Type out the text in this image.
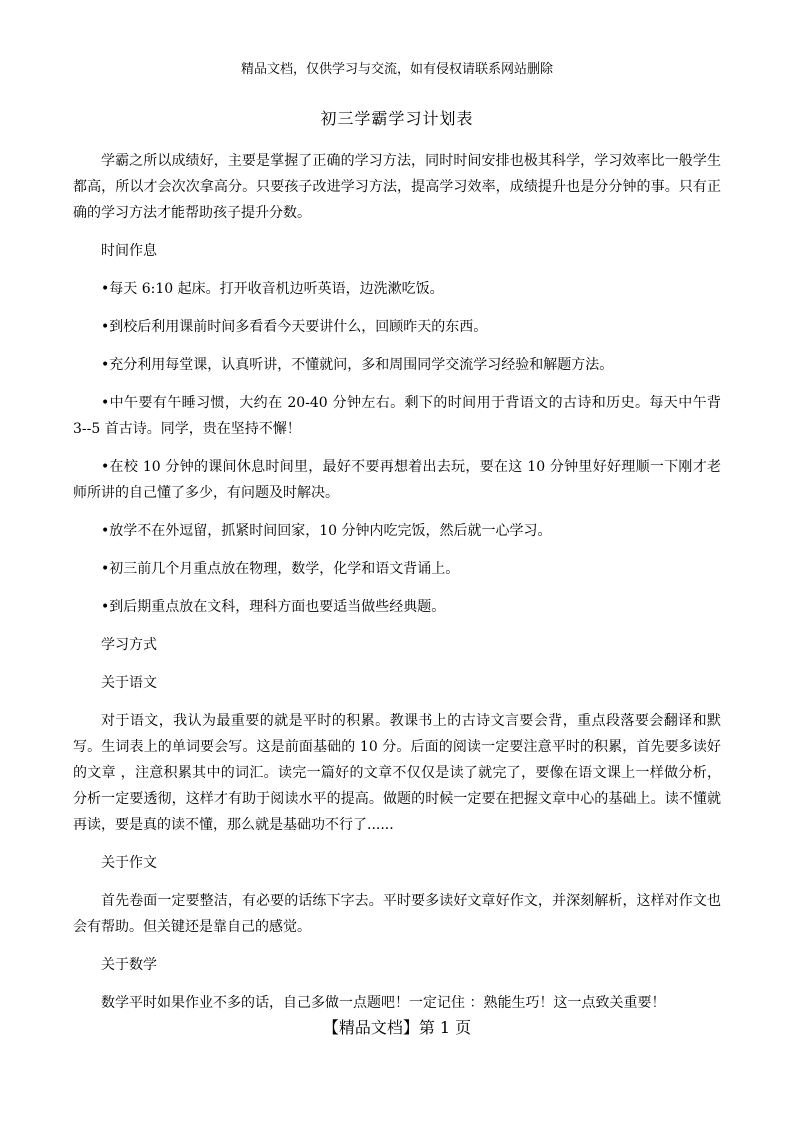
精品文档，仅供学习与交流，如有侵权请联系网站删除
初三学霸学习计划表

学霸之所以成绩好，主要是掌握了正确的学习方法，同时时间安排也极其科学，学习效率比一般学生都高，所以才会次次拿高分。只要孩子改进学习方法，提高学习效率，成绩提升也是分分钟的事。只有正确的学习方法才能帮助孩子提升分数。

时间作息

•每天 6:10 起床。打开收音机边听英语，边洗漱吃饭。

•到校后利用课前时间多看看今天要讲什么，回顾昨天的东西。

•充分利用每堂课，认真听讲，不懂就问，多和周围同学交流学习经验和解题方法。

•中午要有午睡习惯，大约在 20-40 分钟左右。剩下的时间用于背语文的古诗和历史。每天中午背 3--5 首古诗。同学，贵在坚持不懈！

•在校 10 分钟的课间休息时间里，最好不要再想着出去玩，要在这 10 分钟里好好理顺一下刚才老师所讲的自己懂了多少，有问题及时解决。

•放学不在外逗留，抓紧时间回家，10 分钟内吃完饭，然后就一心学习。

•初三前几个月重点放在物理，数学，化学和语文背诵上。

•到后期重点放在文科，理科方面也要适当做些经典题。

学习方式

关于语文

对于语文，我认为最重要的就是平时的积累。教课书上的古诗文言要会背，重点段落要会翻译和默写。生词表上的单词要会写。这是前面基础的 10 分。后面的阅读一定要注意平时的积累，首先要多读好的文章 ，注意积累其中的词汇。读完一篇好的文章不仅仅是读了就完了，要像在语文课上一样做分析，分析一定要透彻，这样才有助于阅读水平的提高。做题的时候一定要在把握文章中心的基础上。读不懂就再读，要是真的读不懂，那么就是基础功不行了......

关于作文

首先卷面一定要整洁，有必要的话练下字去。平时要多读好文章好作文，并深刻解析，这样对作文也会有帮助。但关键还是靠自己的感觉。

关于数学

数学平时如果作业不多的话，自己多做一点题吧！一定记住 ：熟能生巧！这一点致关重要！

【精品文档】第 1 页
